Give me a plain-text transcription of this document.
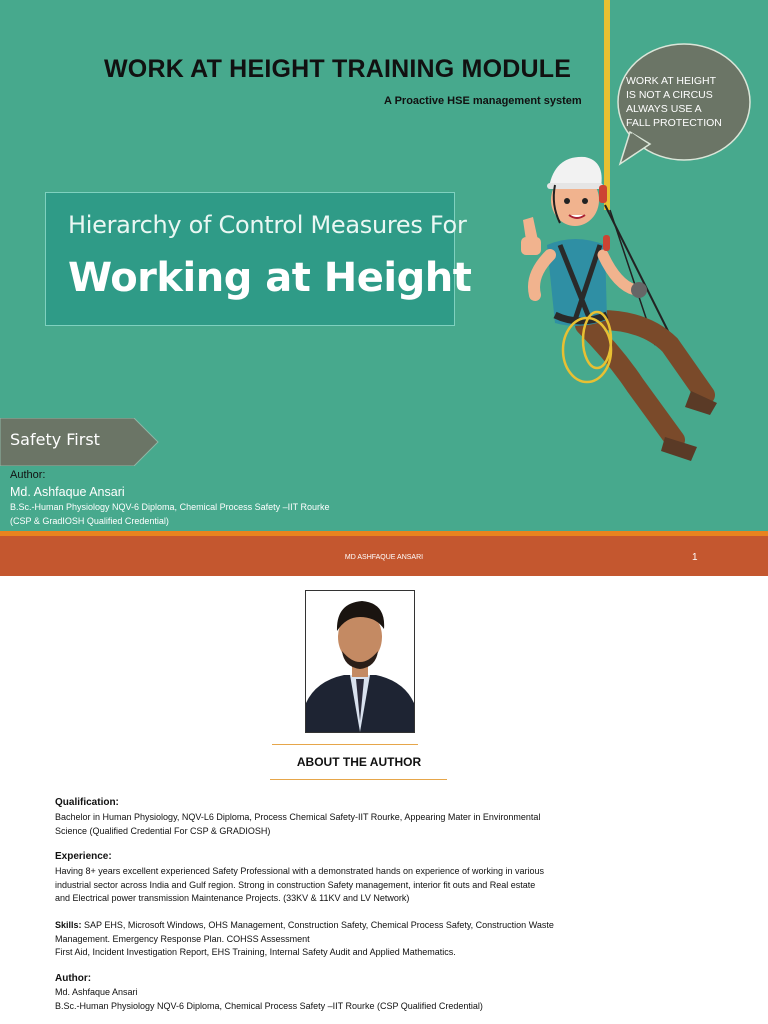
WORK AT HEIGHT TRAINING MODULE
A Proactive HSE management system
WORK AT HEIGHT
IS NOT A CIRCUS
ALWAYS USE A
FALL PROTECTION
Hierarchy of Control Measures For
Working at Height
Safety First
Author:
Md. Ashfaque Ansari
B.Sc.-Human Physiology NQV-6 Diploma, Chemical Process Safety –IIT Rourke
(CSP & GradIOSH Qualified Credential)
MD ASHFAQUE ANSARI	1
ABOUT THE AUTHOR
Qualification:
Bachelor in Human Physiology, NQV-L6 Diploma, Process Chemical Safety-IIT Rourke, Appearing Mater in Environmental
Science (Qualified Credential For CSP & GRADIOSH)
Experience:
Having 8+ years excellent experienced Safety Professional with a demonstrated hands on experience of working in various
industrial sector across India and Gulf region. Strong in construction Safety management, interior fit outs and Real estate
and Electrical power transmission Maintenance Projects. (33KV & 11KV and LV Network)
Skills: SAP EHS, Microsoft Windows, OHS Management, Construction Safety, Chemical Process Safety, Construction Waste
Management. Emergency Response Plan. COHSS Assessment
First Aid, Incident Investigation Report, EHS Training, Internal Safety Audit and Applied Mathematics.
Author:
Md. Ashfaque Ansari
B.Sc.-Human Physiology NQV-6 Diploma, Chemical Process Safety –IIT Rourke (CSP Qualified Credential)
